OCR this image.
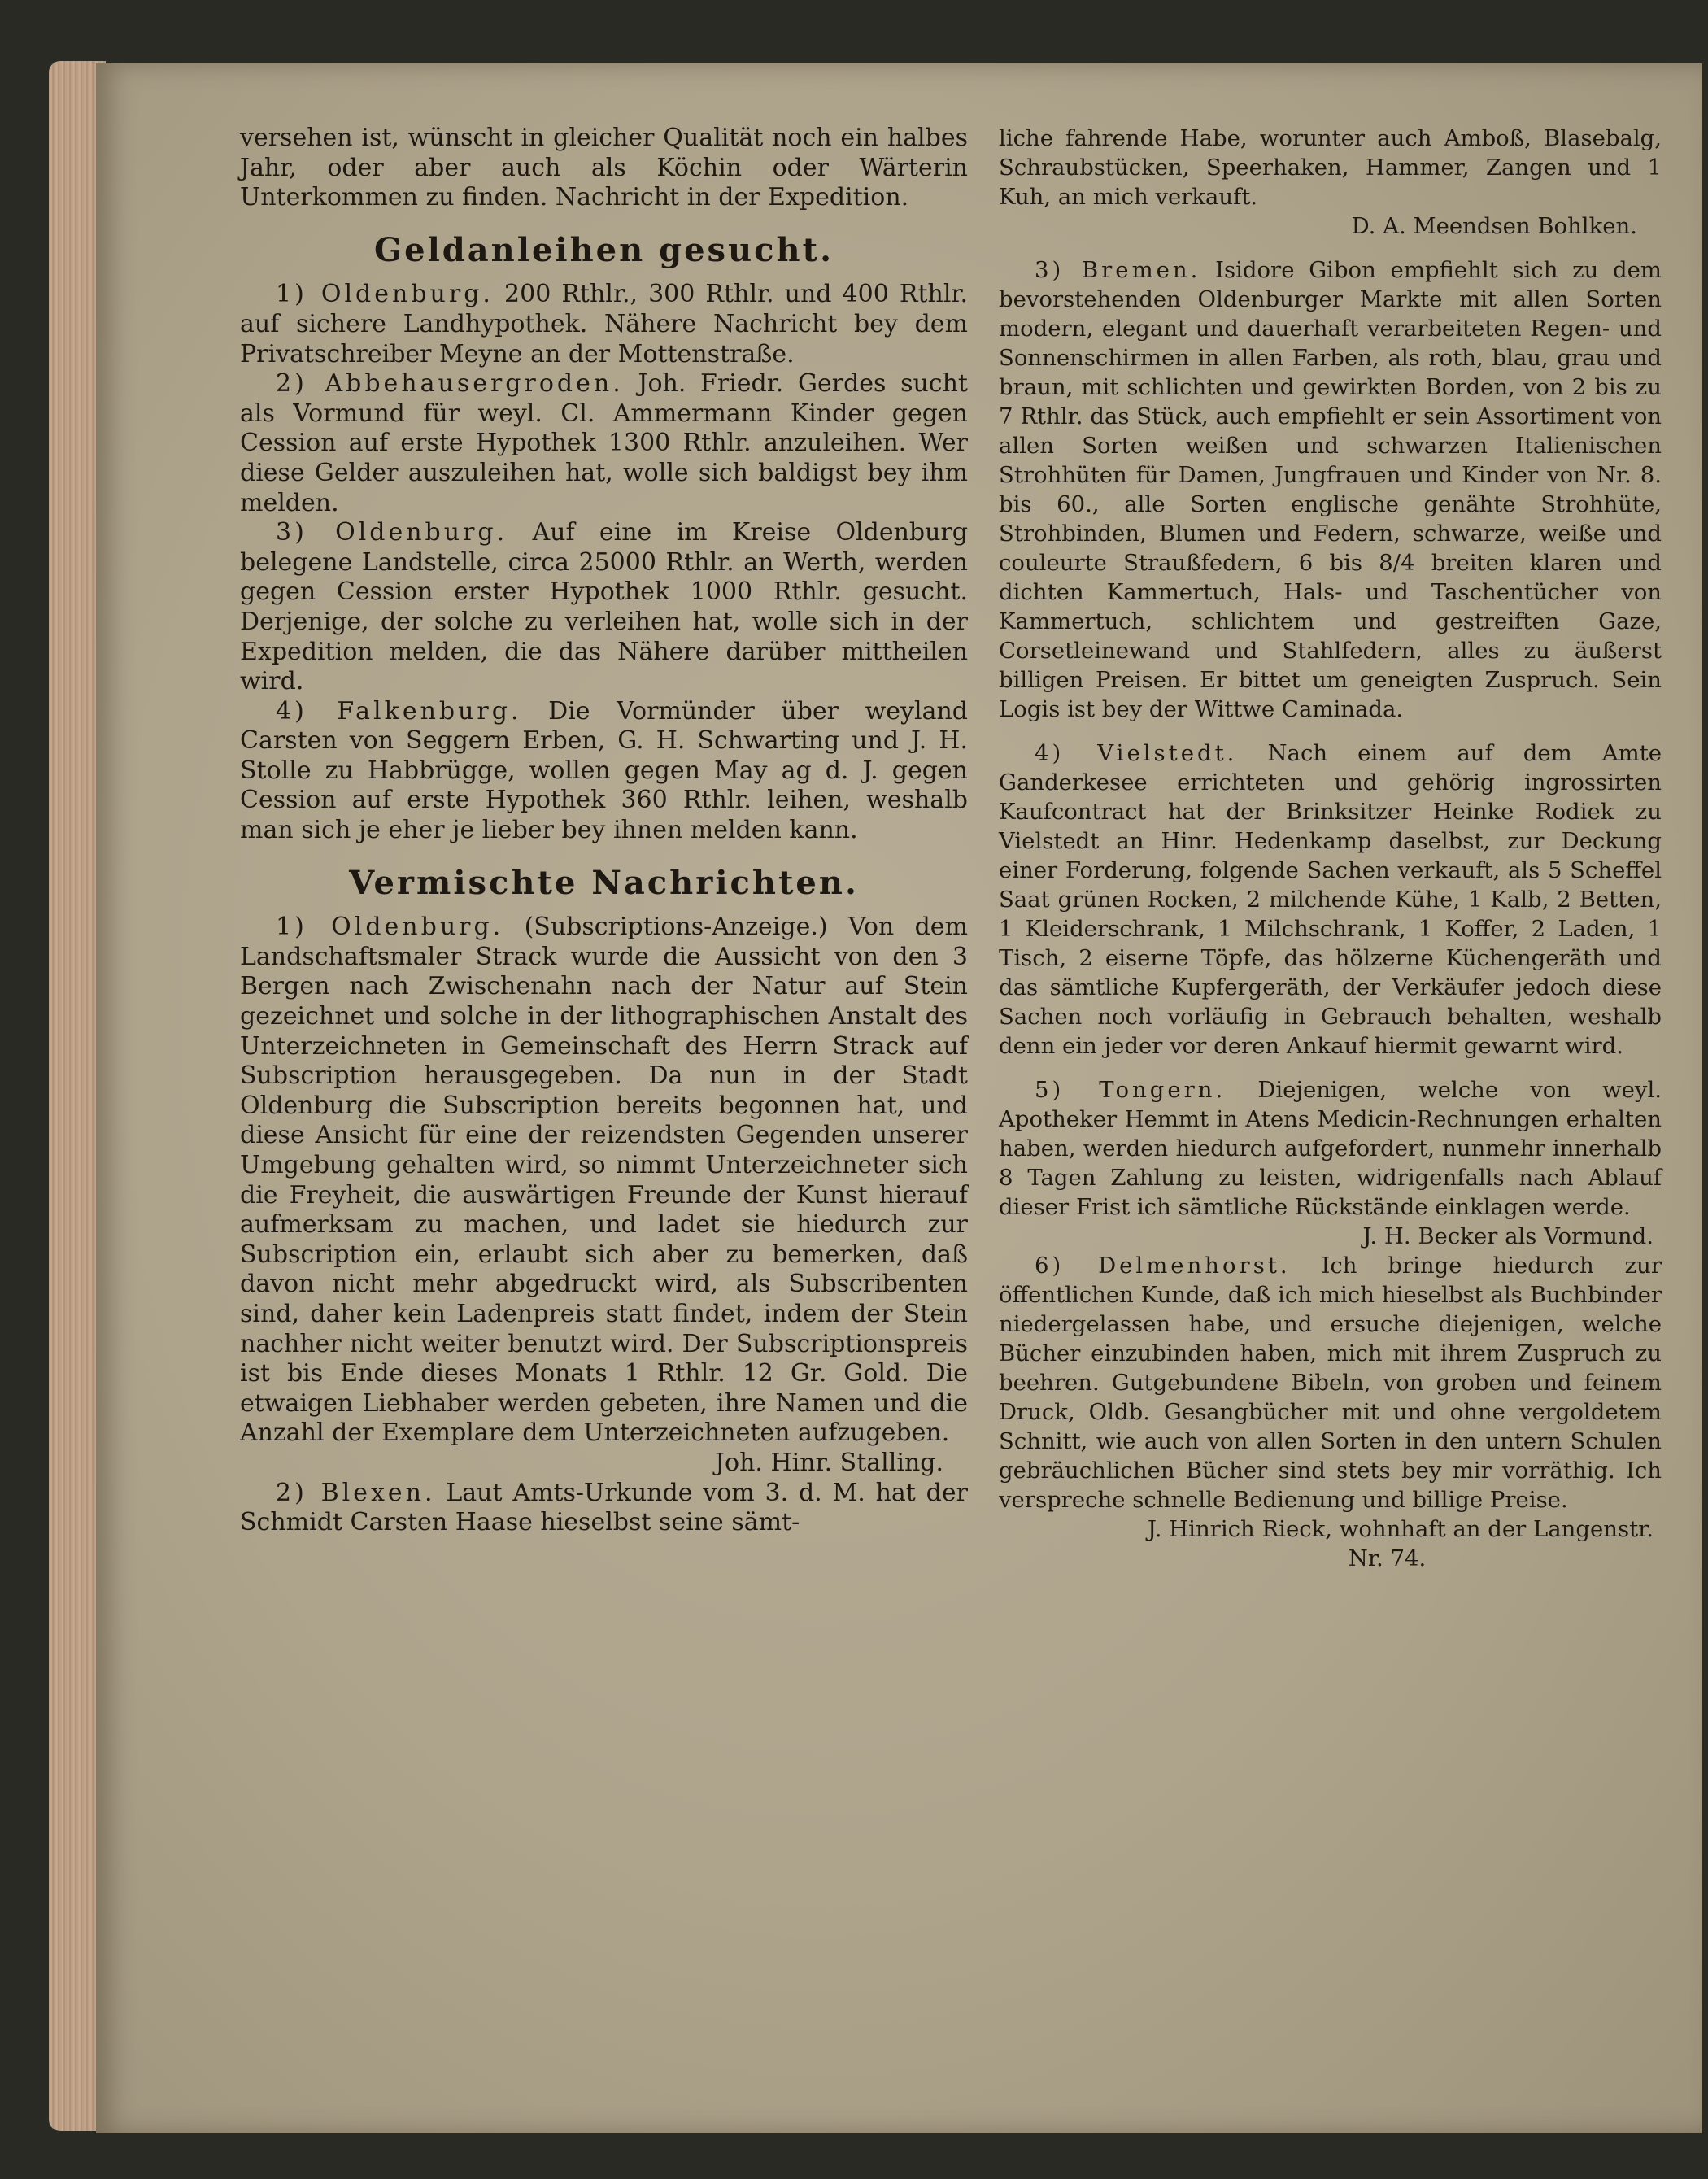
versehen ist, wünscht in gleicher Qualität noch ein halbes Jahr, oder aber auch als Köchin oder Wärterin Unterkommen zu finden. Nachricht in der Expedition.

Geldanleihen gesucht.

1) Oldenburg. 200 Rthlr., 300 Rthlr. und 400 Rthlr. auf sichere Landhypothek. Nähere Nachricht bey dem Privatschreiber Meyne an der Mottenstraße.

2) Abbehausergroden. Joh. Friedr. Gerdes sucht als Vormund für weyl. Cl. Ammermann Kinder gegen Cession auf erste Hypothek 1300 Rthlr. anzuleihen. Wer diese Gelder auszuleihen hat, wolle sich baldigst bey ihm melden.

3) Oldenburg. Auf eine im Kreise Oldenburg belegene Landstelle, circa 25000 Rthlr. an Werth, werden gegen Cession erster Hypothek 1000 Rthlr. gesucht. Derjenige, der solche zu verleihen hat, wolle sich in der Expedition melden, die das Nähere darüber mittheilen wird.

4) Falkenburg. Die Vormünder über weyland Carsten von Seggern Erben, G. H. Schwarting und J. H. Stolle zu Habbrügge, wollen gegen May ag d. J. gegen Cession auf erste Hypothek 360 Rthlr. leihen, weshalb man sich je eher je lieber bey ihnen melden kann.

Vermischte Nachrichten.

1) Oldenburg. (Subscriptions-Anzeige.) Von dem Landschaftsmaler Strack wurde die Aussicht von den 3 Bergen nach Zwischenahn nach der Natur auf Stein gezeichnet und solche in der lithographischen Anstalt des Unterzeichneten in Gemeinschaft des Herrn Strack auf Subscription herausgegeben. Da nun in der Stadt Oldenburg die Subscription bereits begonnen hat, und diese Ansicht für eine der reizendsten Gegenden unserer Umgebung gehalten wird, so nimmt Unterzeichneter sich die Freyheit, die auswärtigen Freunde der Kunst hierauf aufmerksam zu machen, und ladet sie hiedurch zur Subscription ein, erlaubt sich aber zu bemerken, daß davon nicht mehr abgedruckt wird, als Subscribenten sind, daher kein Ladenpreis statt findet, indem der Stein nachher nicht weiter benutzt wird. Der Subscriptionspreis ist bis Ende dieses Monats 1 Rthlr. 12 Gr. Gold. Die etwaigen Liebhaber werden gebeten, ihre Namen und die Anzahl der Exemplare dem Unterzeichneten aufzugeben.

Joh. Hinr. Stalling.

2) Blexen. Laut Amts-Urkunde vom 3. d. M. hat der Schmidt Carsten Haase hieselbst seine sämt-

liche fahrende Habe, worunter auch Amboß, Blasebalg, Schraubstücken, Speerhaken, Hammer, Zangen und 1 Kuh, an mich verkauft.

D. A. Meendsen Bohlken.

3) Bremen. Isidore Gibon empfiehlt sich zu dem bevorstehenden Oldenburger Markte mit allen Sorten modern, elegant und dauerhaft verarbeiteten Regen- und Sonnenschirmen in allen Farben, als roth, blau, grau und braun, mit schlichten und gewirkten Borden, von 2 bis zu 7 Rthlr. das Stück, auch empfiehlt er sein Assortiment von allen Sorten weißen und schwarzen Italienischen Strohhüten für Damen, Jungfrauen und Kinder von Nr. 8. bis 60., alle Sorten englische genähte Strohhüte, Strohbinden, Blumen und Federn, schwarze, weiße und couleurte Straußfedern, 6 bis 8/4 breiten klaren und dichten Kammertuch, Hals- und Taschentücher von Kammertuch, schlichtem und gestreiften Gaze, Corsetleinewand und Stahlfedern, alles zu äußerst billigen Preisen. Er bittet um geneigten Zuspruch. Sein Logis ist bey der Wittwe Caminada.

4) Vielstedt. Nach einem auf dem Amte Ganderkesee errichteten und gehörig ingrossirten Kaufcontract hat der Brinksitzer Heinke Rodiek zu Vielstedt an Hinr. Hedenkamp daselbst, zur Deckung einer Forderung, folgende Sachen verkauft, als 5 Scheffel Saat grünen Rocken, 2 milchende Kühe, 1 Kalb, 2 Betten, 1 Kleiderschrank, 1 Milchschrank, 1 Koffer, 2 Laden, 1 Tisch, 2 eiserne Töpfe, das hölzerne Küchengeräth und das sämtliche Kupfergeräth, der Verkäufer jedoch diese Sachen noch vorläufig in Gebrauch behalten, weshalb denn ein jeder vor deren Ankauf hiermit gewarnt wird.

5) Tongern. Diejenigen, welche von weyl. Apotheker Hemmt in Atens Medicin-Rechnungen erhalten haben, werden hiedurch aufgefordert, nunmehr innerhalb 8 Tagen Zahlung zu leisten, widrigenfalls nach Ablauf dieser Frist ich sämtliche Rückstände einklagen werde.

J. H. Becker als Vormund.

6) Delmenhorst. Ich bringe hiedurch zur öffentlichen Kunde, daß ich mich hieselbst als Buchbinder niedergelassen habe, und ersuche diejenigen, welche Bücher einzubinden haben, mich mit ihrem Zuspruch zu beehren. Gutgebundene Bibeln, von groben und feinem Druck, Oldb. Gesangbücher mit und ohne vergoldetem Schnitt, wie auch von allen Sorten in den untern Schulen gebräuchlichen Bücher sind stets bey mir vorräthig. Ich verspreche schnelle Bedienung und billige Preise.

J. Hinrich Rieck, wohnhaft an der Langenstr.

Nr. 74.
